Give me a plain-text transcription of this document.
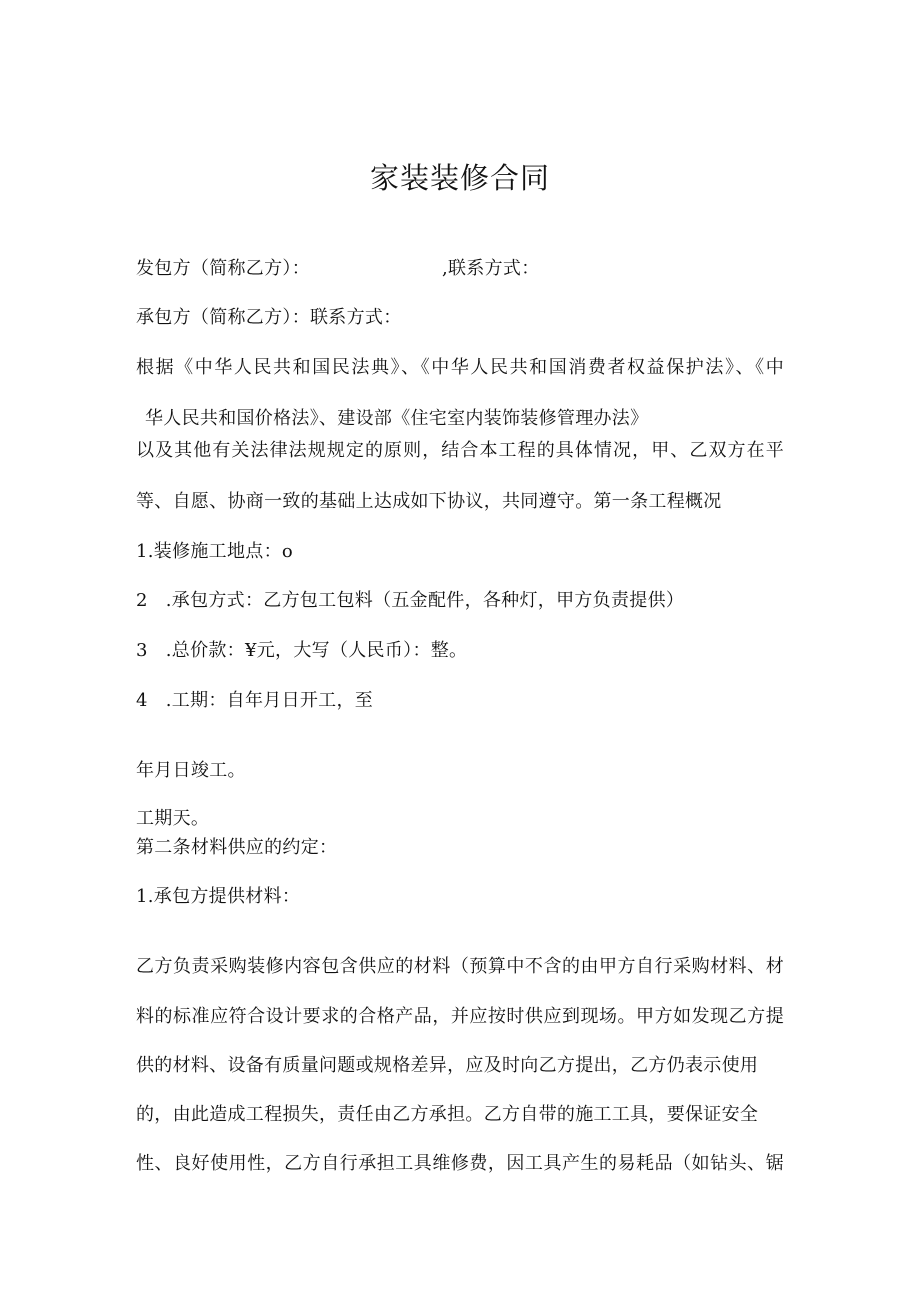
家装装修合同
发包方（简称乙方）：	,联系方式：
承包方（简称乙方）：联系方式：
根据《中华人民共和国民法典》、《中华人民共和国消费者权益保护法》、《中
华人民共和国价格法》、建设部《住宅室内装饰装修管理办法》
以及其他有关法律法规规定的原则，结合本工程的具体情况，甲、乙双方在平
等、自愿、协商一致的基础上达成如下协议，共同遵守。第一条工程概况
1.装修施工地点：o
2 .承包方式：乙方包工包料（五金配件，各种灯，甲方负责提供）
3 .总价款：¥元，大写（人民币）：整。
4 .工期：自年月日开工，至
年月日竣工。
工期天。
第二条材料供应的约定：
1.承包方提供材料：
乙方负责采购装修内容包含供应的材料（预算中不含的由甲方自行采购材料、材
料的标准应符合设计要求的合格产品，并应按时供应到现场。甲方如发现乙方提
供的材料、设备有质量问题或规格差异，应及时向乙方提出，乙方仍表示使用
的，由此造成工程损失，责任由乙方承担。乙方自带的施工工具，要保证安全
性、良好使用性，乙方自行承担工具维修费，因工具产生的易耗品（如钻头、锯
